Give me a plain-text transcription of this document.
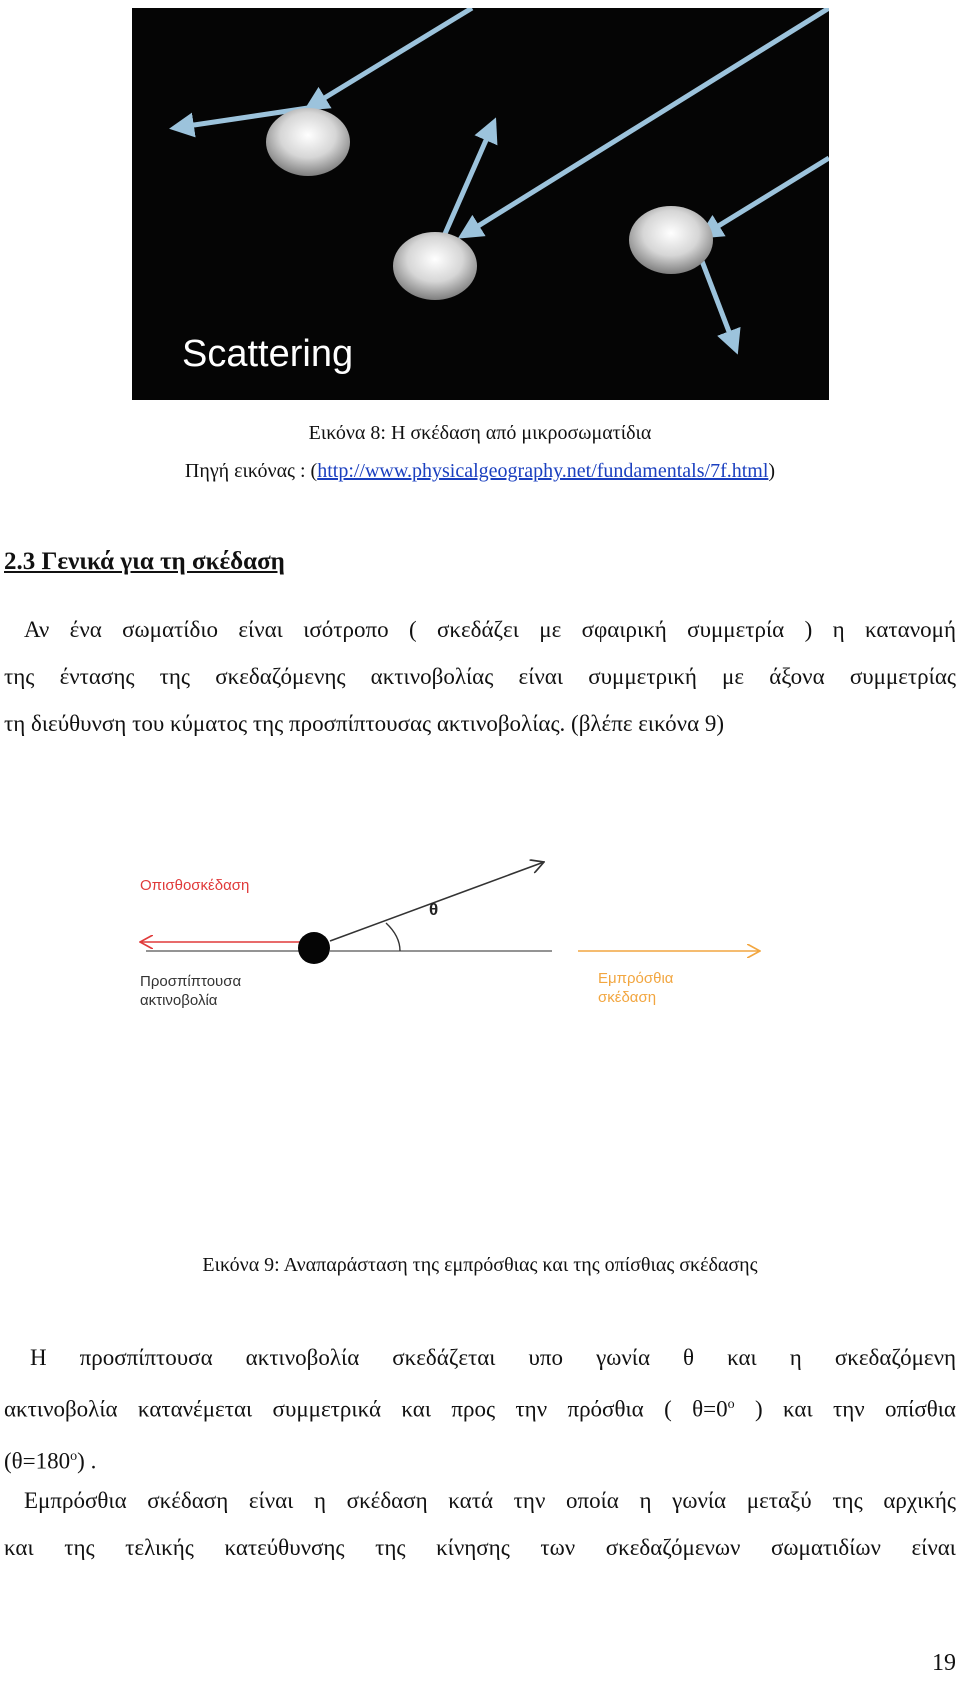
Scattering
Εικόνα 8: Η σκέδαση από μικροσωματίδια
Πηγή εικόνας : (http://www.physicalgeography.net/fundamentals/7f.html)
2.3 Γενικά για τη σκέδαση
Αν ένα σωματίδιο είναι ισότροπο ( σκεδάζει με σφαιρική συμμετρία ) η κατανομή
της έντασης της σκεδαζόμενης ακτινοβολίας είναι συμμετρική με άξονα συμμετρίας
τη διεύθυνση του κύματος της προσπίπτουσας ακτινοβολίας. (βλέπε εικόνα 9)
Οπισθοσκέδαση
θ
Προσπίπτουσα
ακτινοβολία
Εμπρόσθια
σκέδαση
Εικόνα 9: Αναπαράσταση της εμπρόσθιας και της οπίσθιας σκέδασης
Η προσπίπτουσα ακτινοβολία σκεδάζεται υπο γωνία θ και η σκεδαζόμενη
ακτινοβολία κατανέμεται συμμετρικά και προς την πρόσθια ( $\theta=0^o$ ) και την οπίσθια
$(\theta=180^o)$ .
Εμπρόσθια σκέδαση είναι η σκέδαση κατά την οποία η γωνία μεταξύ της αρχικής
και της τελικής κατεύθυνσης της κίνησης των σκεδαζόμενων σωματιδίων είναι
19
